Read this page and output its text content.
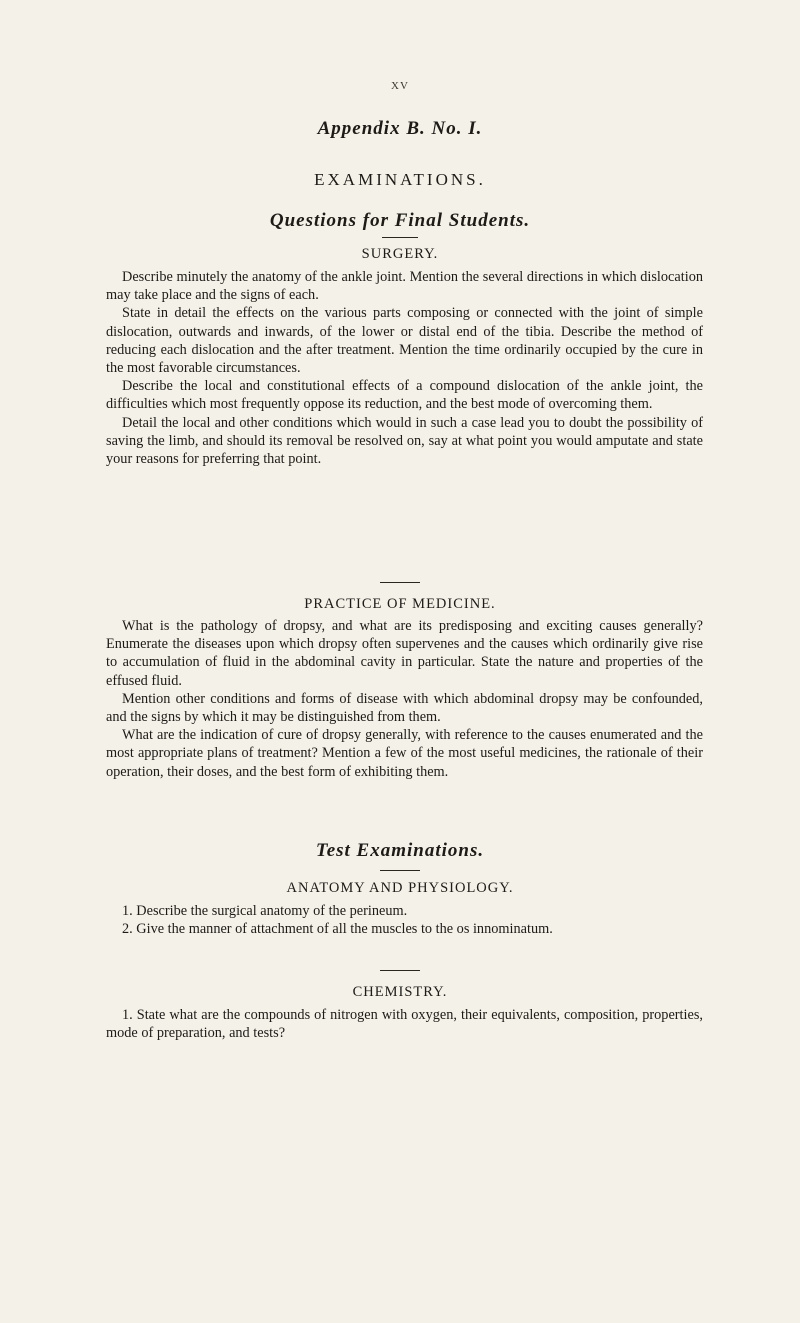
XV
Appendix B. No. I.
EXAMINATIONS.
Questions for Final Students.
SURGERY.

Describe minutely the anatomy of the ankle joint. Mention the several directions in which dislocation may take place and the signs of each.

State in detail the effects on the various parts composing or connected with the joint of simple dislocation, outwards and inwards, of the lower or distal end of the tibia. Describe the method of reducing each dislocation and the after treatment. Mention the time ordinarily occupied by the cure in the most favorable circumstances.

Describe the local and constitutional effects of a compound dislocation of the ankle joint, the difficulties which most frequently oppose its reduction, and the best mode of overcoming them.

Detail the local and other conditions which would in such a case lead you to doubt the possibility of saving the limb, and should its removal be resolved on, say at what point you would amputate and state your reasons for preferring that point.

PRACTICE OF MEDICINE.

What is the pathology of dropsy, and what are its predisposing and exciting causes generally? Enumerate the diseases upon which dropsy often supervenes and the causes which ordinarily give rise to accumulation of fluid in the abdominal cavity in particular. State the nature and properties of the effused fluid.

Mention other conditions and forms of disease with which abdominal dropsy may be confounded, and the signs by which it may be distinguished from them.

What are the indication of cure of dropsy generally, with reference to the causes enumerated and the most appropriate plans of treatment? Mention a few of the most useful medicines, the rationale of their operation, their doses, and the best form of exhibiting them.

Test Examinations.
ANATOMY AND PHYSIOLOGY.

1. Describe the surgical anatomy of the perineum.

2. Give the manner of attachment of all the muscles to the os innominatum.

CHEMISTRY.

1. State what are the compounds of nitrogen with oxygen, their equivalents, composition, properties, mode of preparation, and tests?
